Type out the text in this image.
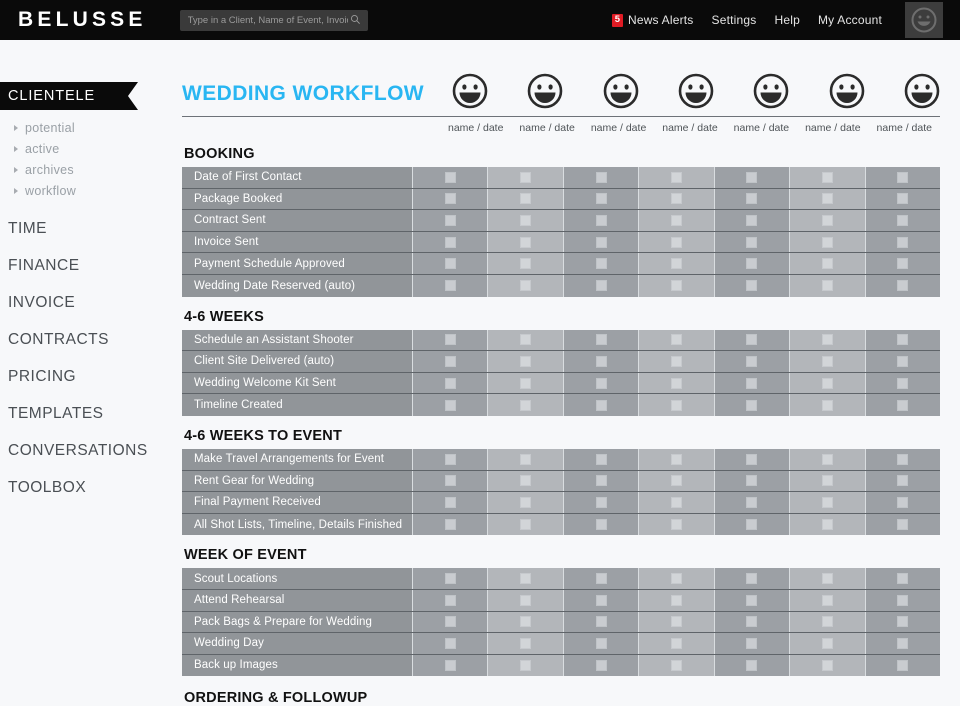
BELUSSE
Type in a Client, Name of Event, Invoice #	5 News Alerts Settings Help My Account
CLIENTELE
potential
active
archives
workflow
TIME
FINANCE
INVOICE
CONTRACTS
PRICING
TEMPLATES
CONVERSATIONS
TOOLBOX
WEDDING WORKFLOW
name / date	name / date	name / date	name / date	name / date	name / date	name / date
BOOKING
Date of First Contact
Package Booked
Contract Sent
Invoice Sent
Payment Schedule Approved
Wedding Date Reserved (auto)
4-6 WEEKS
Schedule an Assistant Shooter
Client Site Delivered (auto)
Wedding Welcome Kit Sent
Timeline Created
4-6 WEEKS TO EVENT
Make Travel Arrangements for Event
Rent Gear for Wedding
Final Payment Received
All Shot Lists, Timeline, Details Finished
WEEK OF EVENT
Scout Locations
Attend Rehearsal
Pack Bags & Prepare for Wedding
Wedding Day
Back up Images
ORDERING & FOLLOWUP
